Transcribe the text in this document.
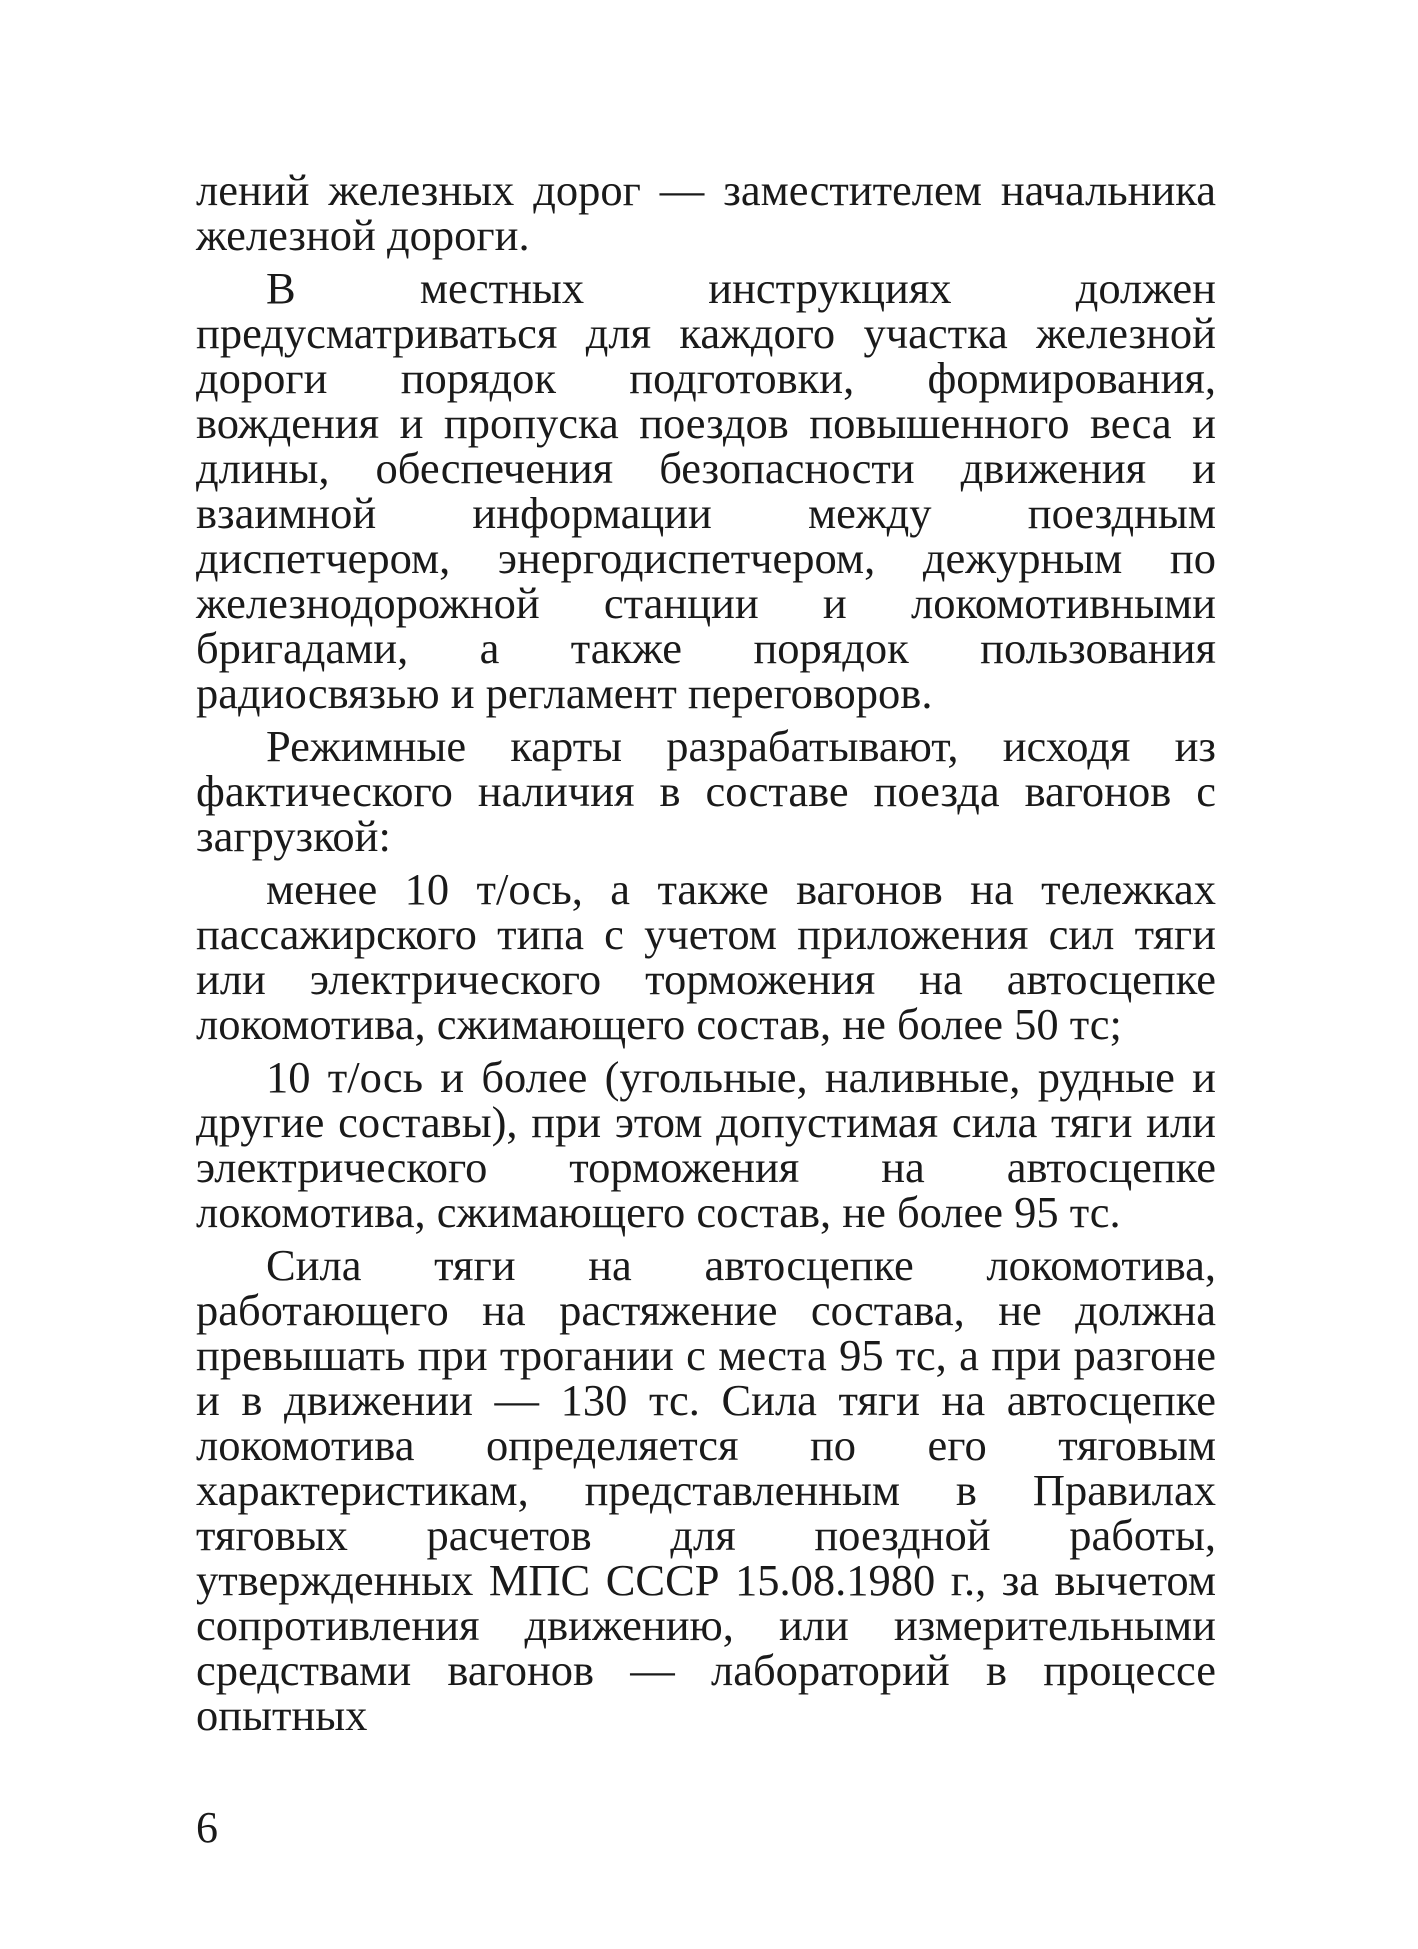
лений железных дорог — заместителем начальника железной дороги.

В местных инструкциях должен предусматриваться для каждого участка железной дороги порядок подготовки, формирования, вождения и пропуска поездов повышенного веса и длины, обеспечения безопасности движения и взаимной информации между поездным диспетчером, энергодиспетчером, дежурным по железнодорожной станции и локомотивными бригадами, а также порядок пользования радиосвязью и регламент переговоров.

Режимные карты разрабатывают, исходя из фактического наличия в составе поезда вагонов с загрузкой:

менее 10 т/ось, а также вагонов на тележках пассажирского типа с учетом приложения сил тяги или электрического торможения на автосцепке локомотива, сжимающего состав, не более 50 тс;

10 т/ось и более (угольные, наливные, рудные и другие составы), при этом допустимая сила тяги или электрического торможения на автосцепке локомотива, сжимающего состав, не более 95 тс.

Сила тяги на автосцепке локомотива, работающего на растяжение состава, не должна превышать при трогании с места 95 тс, а при разгоне и в движении — 130 тс. Сила тяги на автосцепке локомотива определяется по его тяговым характеристикам, представленным в Правилах тяговых расчетов для поездной работы, утвержденных МПС СССР 15.08.1980 г., за вычетом сопротивления движению, или измерительными средствами вагонов — лабораторий в процессе опытных

6
